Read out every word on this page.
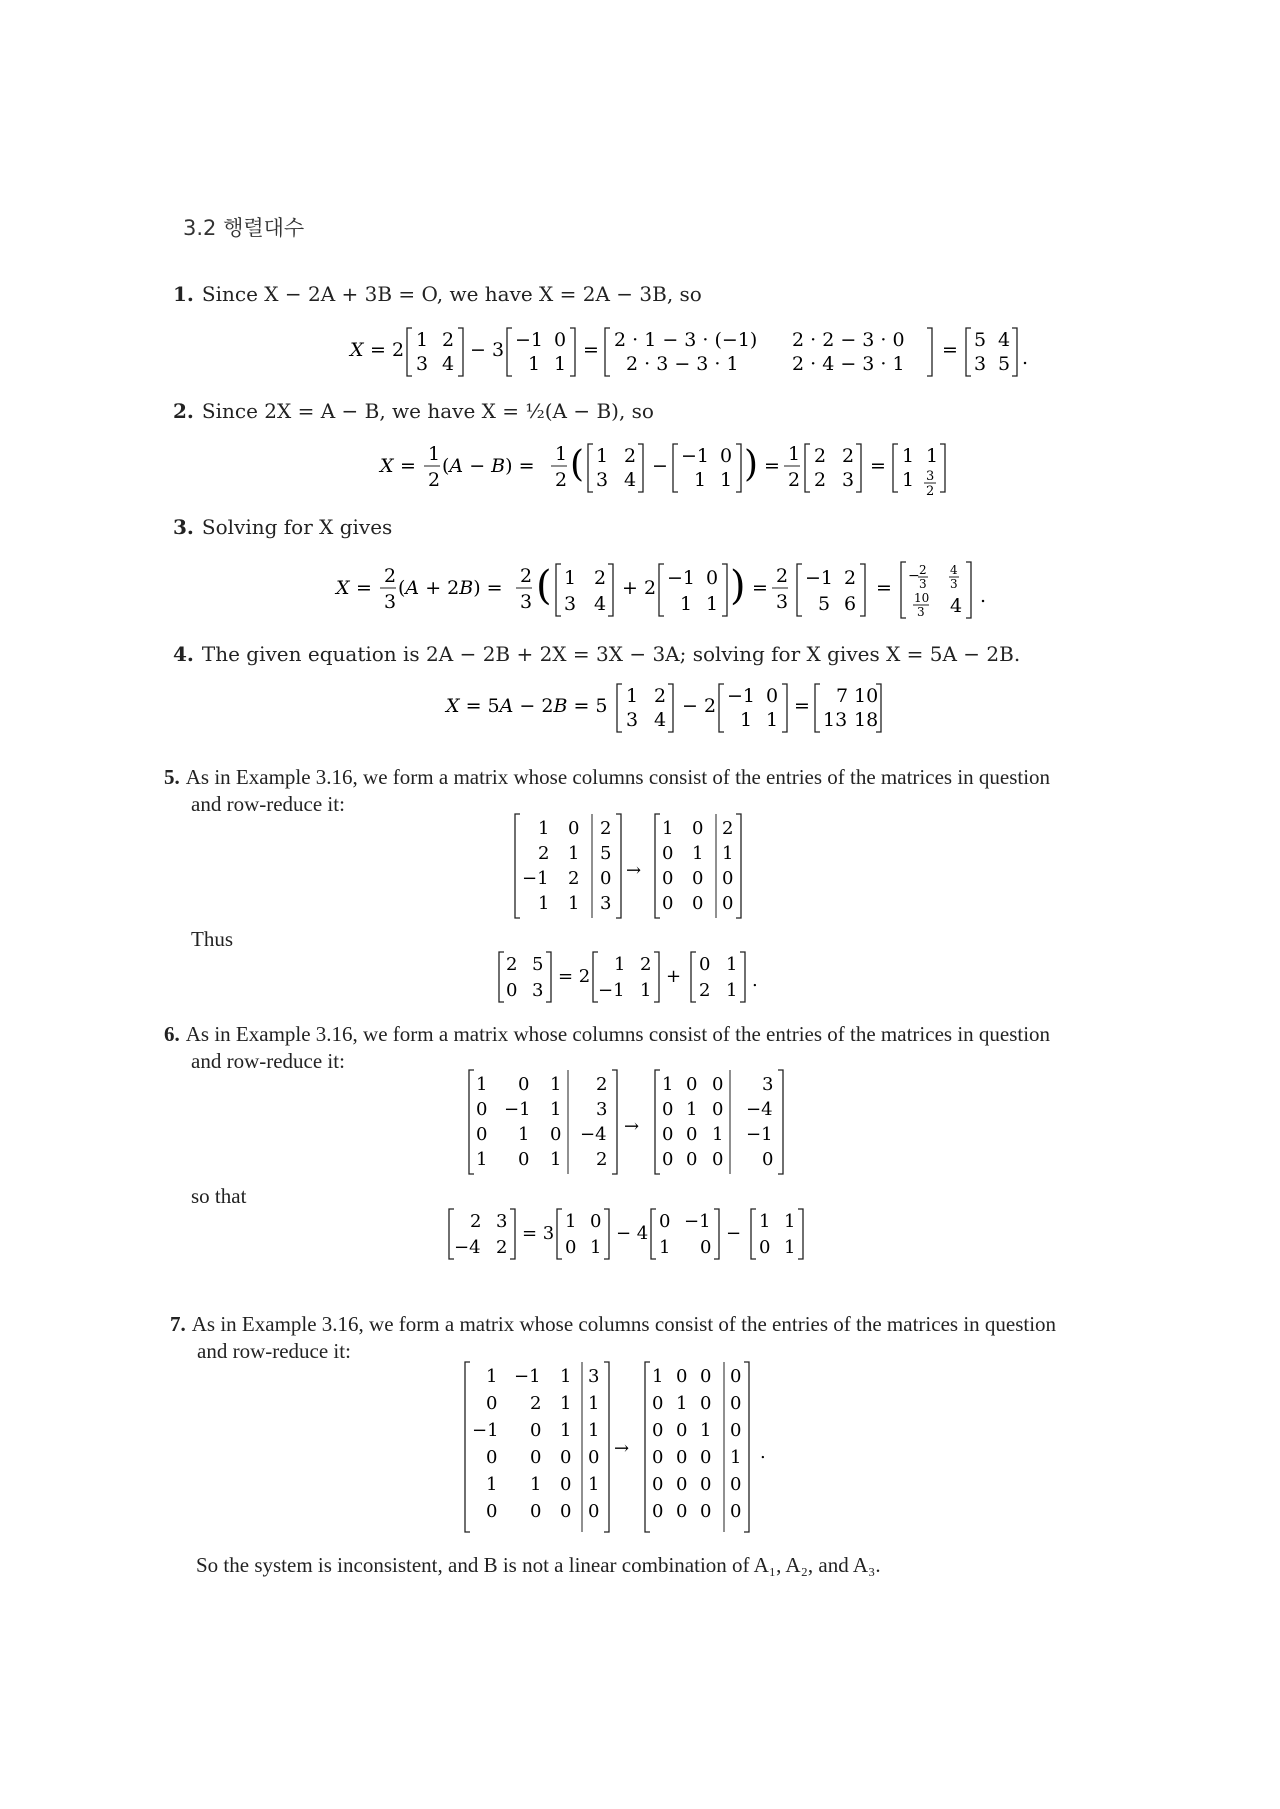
3.2 행렬대수
1. Since X − 2A + 3B = O, we have X = 2A − 3B, so
X = 2 1 2
3 4
− 3 −1 0
1 1
= 2 · 1 − 3 · (−1) 2 · 2 − 3 · 0
2 · 3 − 3 · 1	2 · 4 − 3 · 1
= 5 4
3 5 .
2. Since 2X = A − B, we have X = ½(A − B), so
X =
1
2
(A − B) =
1
2 ( 1 2
3 4
− −1 0
1 1 ) =
1
2
2 2
2 3
= 1 1
1 3
2
3. Solving for X gives
X =
2
3
(A + 2B) =
2
3 ( 1 2
3 4
+ 2 −1 0
1 1 ) =
2
3
−1 2
5 6
=
− 2
3
4
3
10
3 4 .
4. The given equation is 2A − 2B + 2X = 3X − 3A; solving for X gives X = 5A − 2B.
X = 5A − 2B = 5 1 2
3 4
− 2 −1 0
1 1
= 7 10
13 18
5. As in Example 3.16, we form a matrix whose columns consist of the entries of the matrices in question
and row-reduce it:
1 0 2
2 1 5
−1 2 0
1 1 3
→
1 0 2
0 1 1
0 0 0
0 0 0
Thus
2 5
0 3
= 2
1 2
−1 1
+
0 1
2 1 .
6. As in Example 3.16, we form a matrix whose columns consist of the entries of the matrices in question
and row-reduce it:
1 0 1 2
0 −1 1 3
0 1 0 −4
1 0 1 2
→
1 0 0 3
0 1 0 −4
0 0 1 −1
0 0 0 0
so that
2 3
−4 2
= 3
1 0
0 1
− 4
0 −1
1 0
−
1 1
0 1
7. As in Example 3.16, we form a matrix whose columns consist of the entries of the matrices in question
and row-reduce it:
1 −1 1 3
0 2 1 1
−1 0 1 1
0 0 0 0
1 1 0 1
0 0 0 0
→
1 0 0 0
0 1 0 0
0 0 1 0
0 0 0 1
0 0 0 0
0 0 0 0
.
So the system is inconsistent, and B is not a linear combination of A₁, A₂, and A₃.
